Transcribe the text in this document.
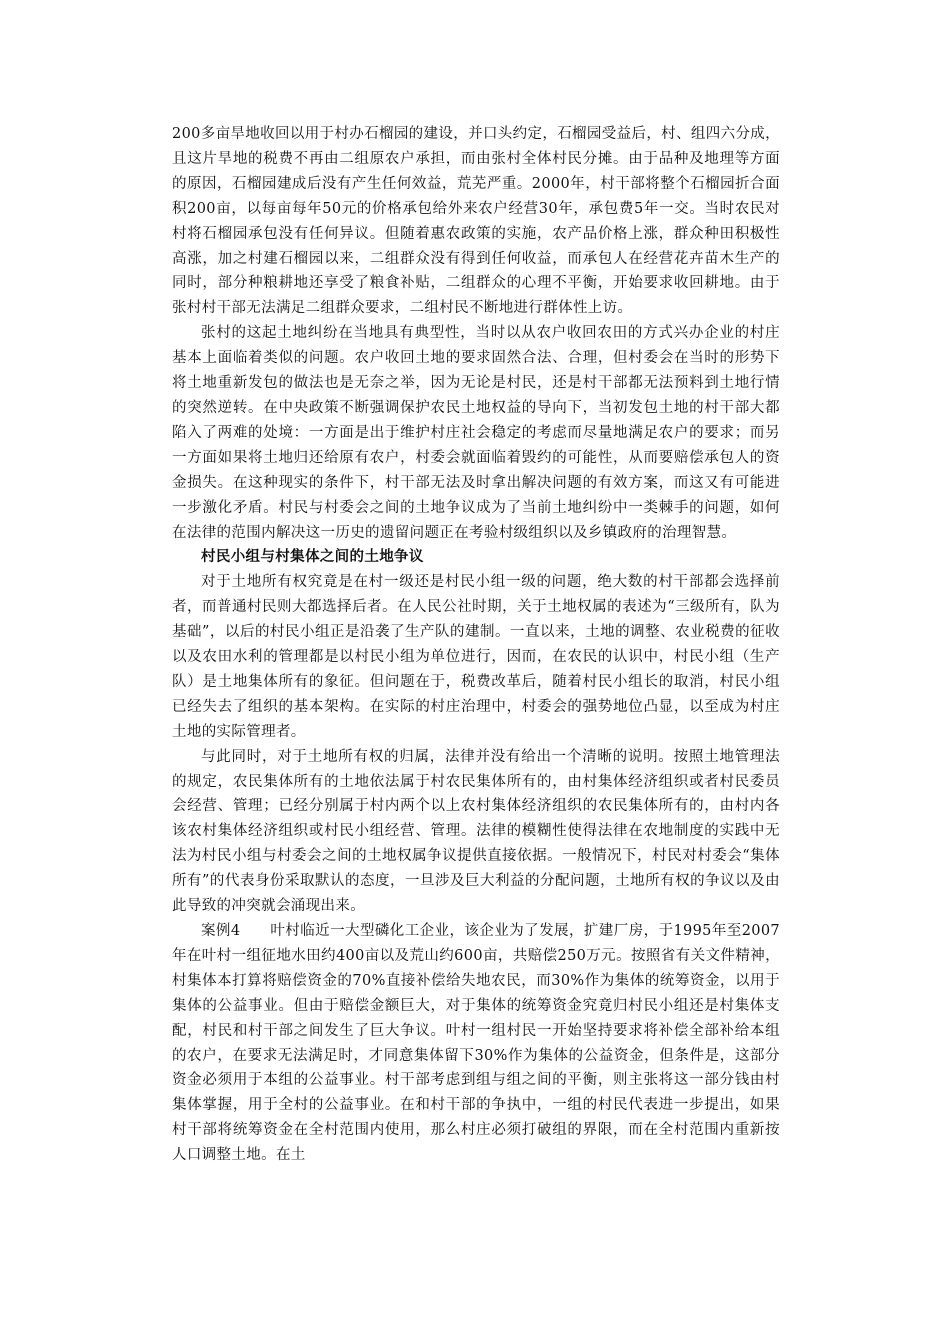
200多亩旱地收回以用于村办石榴园的建设，并口头约定，石榴园受益后，村、组四六分成，且这片旱地的税费不再由二组原农户承担，而由张村全体村民分摊。由于品种及地理等方面的原因，石榴园建成后没有产生任何效益，荒芜严重。2000年，村干部将整个石榴园折合面积200亩，以每亩每年50元的价格承包给外来农户经营30年，承包费5年一交。当时农民对村将石榴园承包没有任何异议。但随着惠农政策的实施，农产品价格上涨，群众种田积极性高涨，加之村建石榴园以来，二组群众没有得到任何收益，而承包人在经营花卉苗木生产的同时，部分种粮耕地还享受了粮食补贴，二组群众的心理不平衡，开始要求收回耕地。由于张村村干部无法满足二组群众要求，二组村民不断地进行群体性上访。

张村的这起土地纠纷在当地具有典型性，当时以从农户收回农田的方式兴办企业的村庄基本上面临着类似的问题。农户收回土地的要求固然合法、合理，但村委会在当时的形势下将土地重新发包的做法也是无奈之举，因为无论是村民，还是村干部都无法预料到土地行情的突然逆转。在中央政策不断强调保护农民土地权益的导向下，当初发包土地的村干部大都陷入了两难的处境：一方面是出于维护村庄社会稳定的考虑而尽量地满足农户的要求；而另一方面如果将土地归还给原有农户，村委会就面临着毁约的可能性，从而要赔偿承包人的资金损失。在这种现实的条件下，村干部无法及时拿出解决问题的有效方案，而这又有可能进一步激化矛盾。村民与村委会之间的土地争议成为了当前土地纠纷中一类棘手的问题，如何在法律的范围内解决这一历史的遗留问题正在考验村级组织以及乡镇政府的治理智慧。

村民小组与村集体之间的土地争议

对于土地所有权究竟是在村一级还是村民小组一级的问题，绝大数的村干部都会选择前者，而普通村民则大都选择后者。在人民公社时期，关于土地权属的表述为“三级所有，队为基础”，以后的村民小组正是沿袭了生产队的建制。一直以来，土地的调整、农业税费的征收以及农田水利的管理都是以村民小组为单位进行，因而，在农民的认识中，村民小组（生产队）是土地集体所有的象征。但问题在于，税费改革后，随着村民小组长的取消，村民小组已经失去了组织的基本架构。在实际的村庄治理中，村委会的强势地位凸显，以至成为村庄土地的实际管理者。

与此同时，对于土地所有权的归属，法律并没有给出一个清晰的说明。按照土地管理法的规定，农民集体所有的土地依法属于村农民集体所有的，由村集体经济组织或者村民委员会经营、管理；已经分别属于村内两个以上农村集体经济组织的农民集体所有的，由村内各该农村集体经济组织或村民小组经营、管理。法律的模糊性使得法律在农地制度的实践中无法为村民小组与村委会之间的土地权属争议提供直接依据。一般情况下，村民对村委会“集体所有”的代表身份采取默认的态度，一旦涉及巨大利益的分配问题，土地所有权的争议以及由此导致的冲突就会涌现出来。

案例4　　叶村临近一大型磷化工企业，该企业为了发展，扩建厂房，于1995年至2007年在叶村一组征地水田约400亩以及荒山约600亩，共赔偿250万元。按照省有关文件精神，村集体本打算将赔偿资金的70%直接补偿给失地农民，而30%作为集体的统筹资金，以用于集体的公益事业。但由于赔偿金额巨大，对于集体的统筹资金究竟归村民小组还是村集体支配，村民和村干部之间发生了巨大争议。叶村一组村民一开始坚持要求将补偿全部补给本组的农户，在要求无法满足时，才同意集体留下30%作为集体的公益资金，但条件是，这部分资金必须用于本组的公益事业。村干部考虑到组与组之间的平衡，则主张将这一部分钱由村集体掌握，用于全村的公益事业。在和村干部的争执中，一组的村民代表进一步提出，如果村干部将统筹资金在全村范围内使用，那么村庄必须打破组的界限，而在全村范围内重新按人口调整土地。在土
